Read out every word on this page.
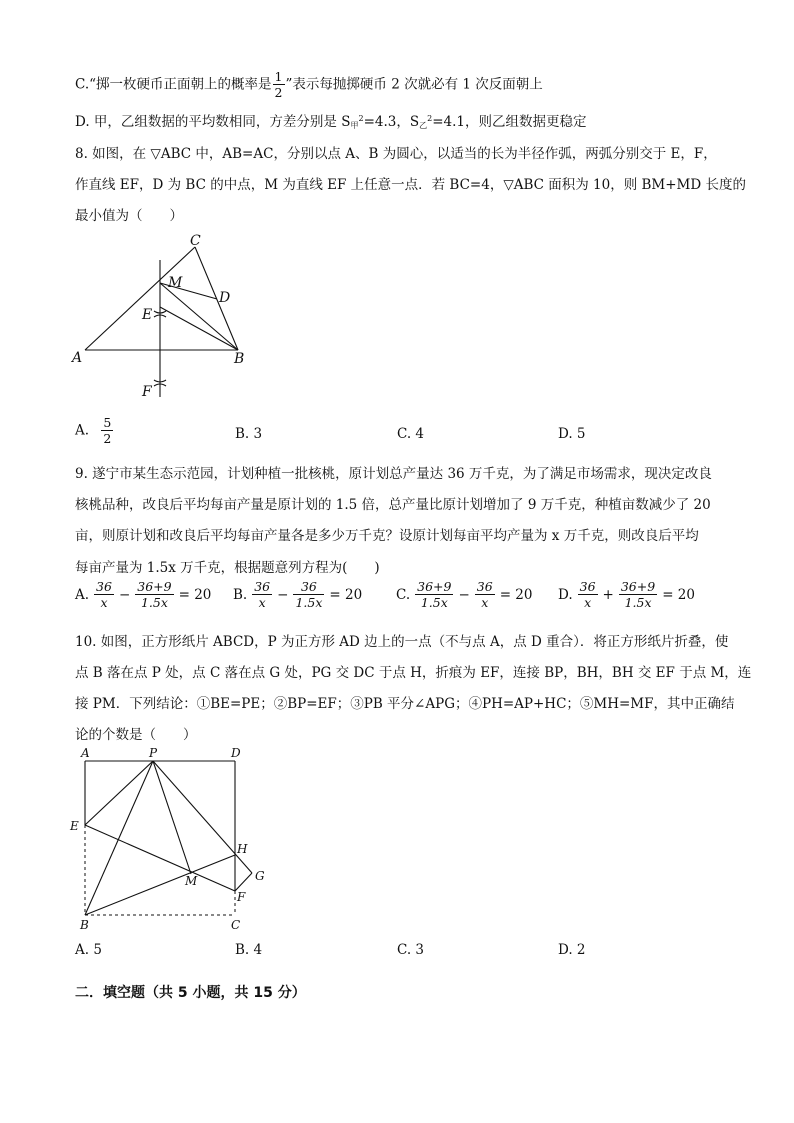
C.“掷一枚硬币正面朝上的概率是 $\frac{1}{2}$ ”表示每抛掷硬币 2 次就必有 1 次反面朝上
D. 甲，乙组数据的平均数相同，方差分别是 $S_甲^2=4.3$，$S_乙^2=4.1$，则乙组数据更稳定
8. 如图，在 ▽ABC 中，AB=AC，分别以点 A、B 为圆心，以适当的长为半径作弧，两弧分别交于 E，F，
作直线 EF，D 为 BC 的中点，M 为直线 EF 上任意一点．若 BC=4，▽ABC 面积为 10，则 BM+MD 长度的
最小值为（　　）
A	B
C
D
E
F
M
A. $\frac{5}{2}$	B. 3	C. 4	D. 5
9. 遂宁市某生态示范园，计划种植一批核桃，原计划总产量达 36 万千克，为了满足市场需求，现决定改良
核桃品种，改良后平均每亩产量是原计划的 1.5 倍，总产量比原计划增加了 9 万千克，种植亩数减少了 20
亩，则原计划和改良后平均每亩产量各是多少万千克？设原计划每亩平均产量为 x 万千克，则改良后平均
每亩产量为 1.5x 万千克，根据题意列方程为(　　)
A. $\frac{36}{x} - \frac{36+9}{1.5x} = 20$ B. $\frac{36}{x} - \frac{36}{1.5x} = 20$	C. $\frac{36+9}{1.5x} - \frac{36}{x} = 20$ D. $\frac{36}{x} + \frac{36+9}{1.5x} = 20$
10. 如图，正方形纸片 ABCD，P 为正方形 AD 边上的一点（不与点 A，点 D 重合）．将正方形纸片折叠，使
点 B 落在点 P 处，点 C 落在点 G 处，PG 交 DC 于点 H，折痕为 EF，连接 BP，BH，BH 交 EF 于点 M，连
接 PM．下列结论：①BE=PE；②BP=EF；③PB 平分∠APG；④PH=AP+HC；⑤MH=MF，其中正确结
论的个数是（　　）
A	P	D
E
H
M	G
F
B	C
A. 5	B. 4	C. 3	D. 2
二．填空题（共 5 小题，共 15 分）
